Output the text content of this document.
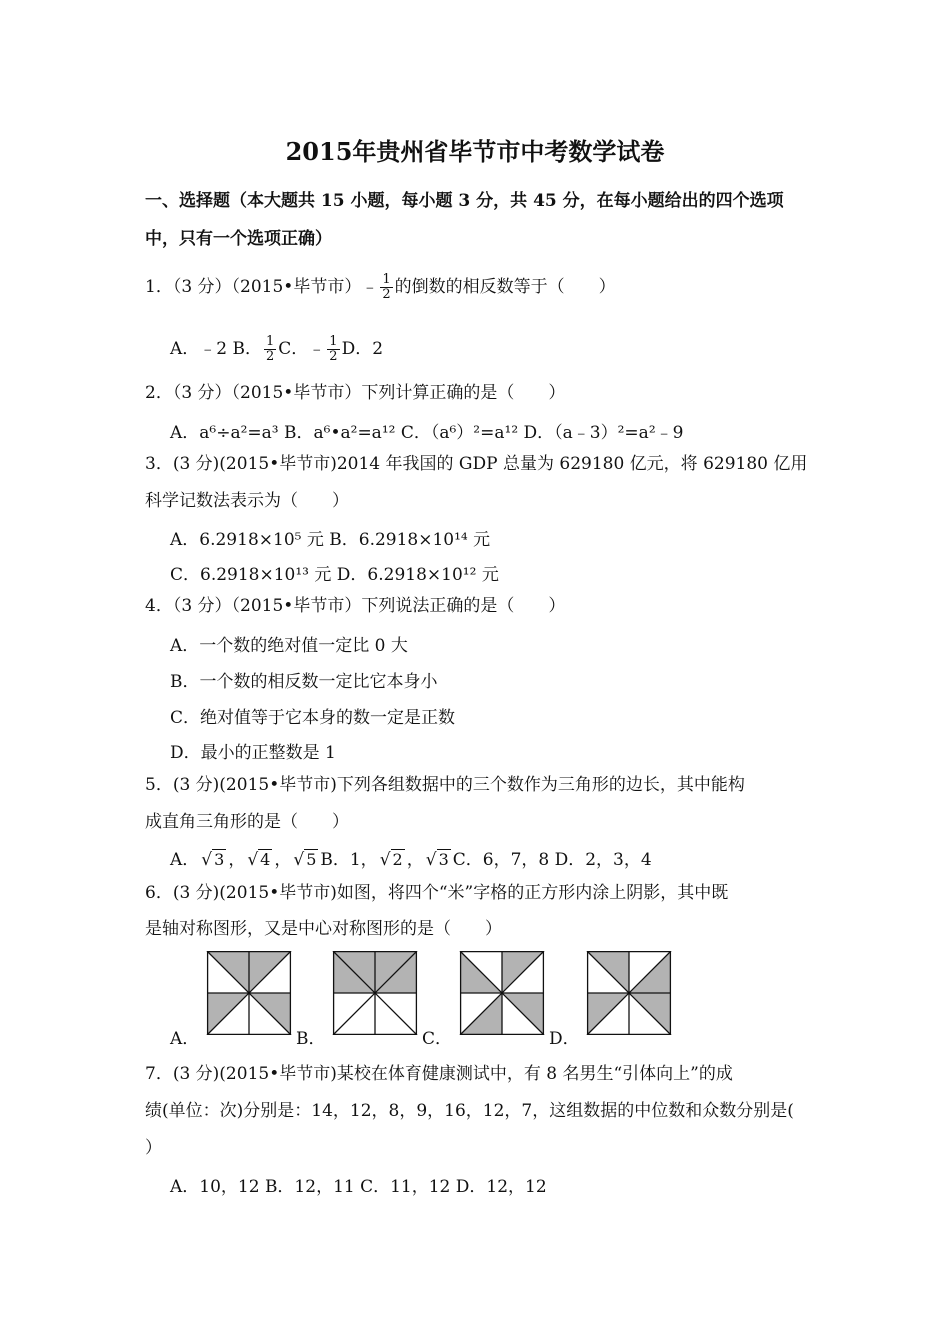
2015年贵州省毕节市中考数学试卷
一、选择题（本大题共 15 小题，每小题 3 分，共 45 分，在每小题给出的四个选项
中，只有一个选项正确）
1．（3 分）（2015•毕节市）﹣ $\frac{1}{2}$ 的倒数的相反数等于（　　）
A．﹣2 B． $\frac{1}{2}$ C．﹣ $\frac{1}{2}$ D．2
2．（3 分）（2015•毕节市）下列计算正确的是（　　）
A．a⁶÷a²=a³ B．a⁶•a²=a¹² C．（a⁶）²=a¹² D．（a﹣3）²=a²﹣9
3．(3 分)(2015•毕节市)2014 年我国的 GDP 总量为 629180 亿元，将 629180 亿用
科学记数法表示为（　　）
A．6.2918×10⁵ 元 B．6.2918×10¹⁴ 元
C．6.2918×10¹³ 元 D．6.2918×10¹² 元
4．（3 分）（2015•毕节市）下列说法正确的是（　　）
A．一个数的绝对值一定比 0 大
B．一个数的相反数一定比它本身小
C．绝对值等于它本身的数一定是正数
D．最小的正整数是 1
5．(3 分)(2015•毕节市)下列各组数据中的三个数作为三角形的边长，其中能构
成直角三角形的是（　　）
A． √ 3 ， √ 4 ， √ 5 B．1， √ 2 ， √ 3 C．6，7，8 D．2，3，4
6．(3 分)(2015•毕节市)如图，将四个“米”字格的正方形内涂上阴影，其中既
是轴对称图形，又是中心对称图形的是（　　）
A．	B．	C．	D．
7．(3 分)(2015•毕节市)某校在体育健康测试中，有 8 名男生“引体向上”的成
绩(单位：次)分别是：14，12，8，9，16，12，7，这组数据的中位数和众数分别是(
）
A．10，12 B．12，11 C．11，12 D．12，12
